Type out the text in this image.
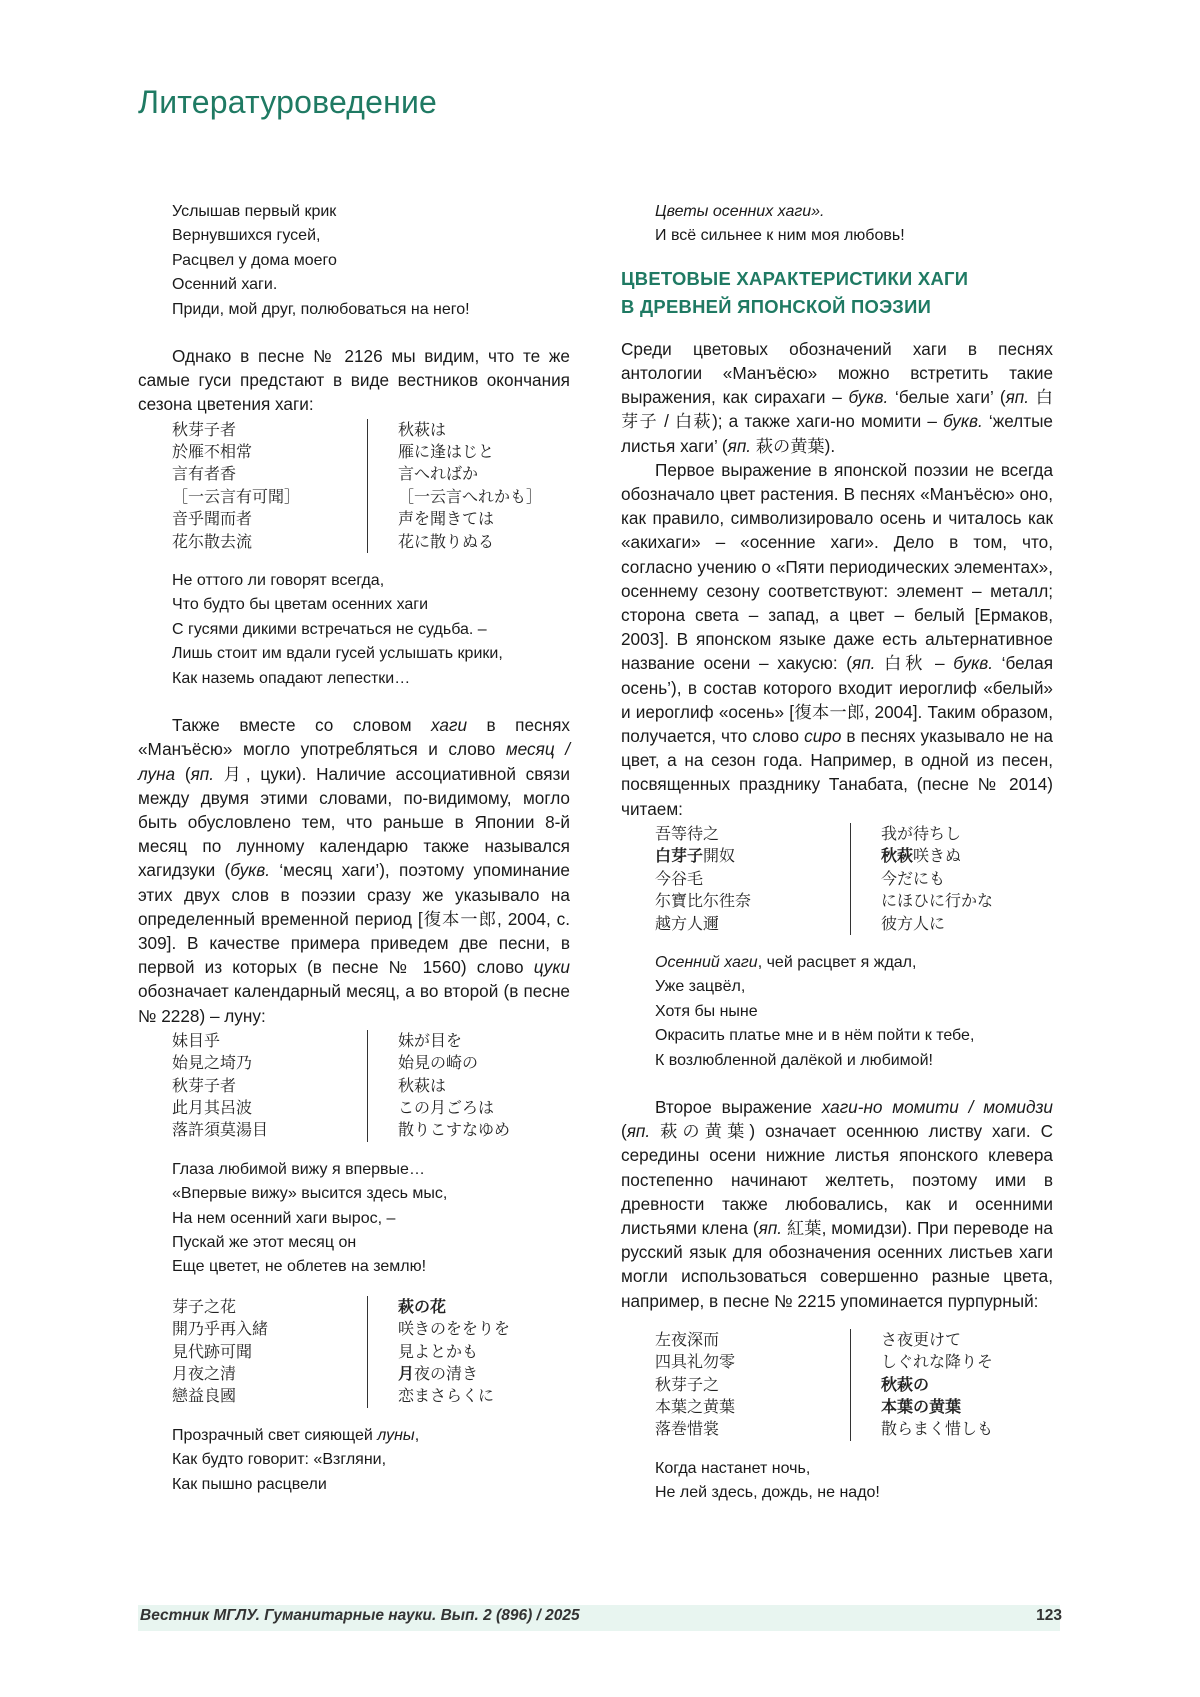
Литературоведение
Услышав первый крик
Вернувшихся гусей,
Расцвел у дома моего
Осенний хаги.
Приди, мой друг, полюбоваться на него!

Однако в песне № 2126 мы видим, что те же самые гуси предстают в виде вестников окончания сезона цветения хаги:

秋芽子者
於雁不相常
言有者香
［一云言有可聞］
音乎聞而者
花尓散去流
秋萩は
雁に逢はじと
言へればか
［一云言へれかも］
声を聞きては
花に散りぬる
Не оттого ли говорят всегда,
Что будто бы цветам осенних хаги
С гусями дикими встречаться не судьба. –
Лишь стоит им вдали гусей услышать крики,
Как наземь опадают лепестки…

Также вместе со словом хаги в песнях «Манъёсю» могло употребляться и слово месяц / луна (яп. 月, цуки). Наличие ассоциативной связи между двумя этими словами, по-видимому, могло быть обусловлено тем, что раньше в Японии 8-й месяц по лунному календарю также назывался хагидзуки (букв. ‘месяц хаги’), поэтому упоминание этих двух слов в поэзии сразу же указывало на определенный временной период [復本一郎, 2004, с. 309]. В качестве примера приведем две песни, в первой из которых (в песне № 1560) слово цуки обозначает календарный месяц, а во второй (в песне № 2228) – луну:

妹目乎
始見之埼乃
秋芽子者
此月其呂波
落許須莫湯目
妹が目を
始見の崎の
秋萩は
この月ごろは
散りこすなゆめ
Глаза любимой вижу я впервые…
«Впервые вижу» высится здесь мыс,
На нем осенний хаги вырос, –
Пускай же этот месяц он
Еще цветет, не облетев на землю!
芽子之花
開乃乎再入緒
見代跡可聞
月夜之清
戀益良國
萩の花
咲きのををりを
見よとかも
月夜の清き
恋まさらくに
Прозрачный свет сияющей луны,
Как будто говорит: «Взгляни,
Как пышно расцвели
Цветы осенних хаги».
И всё сильнее к ним моя любовь!
ЦВЕТОВЫЕ ХАРАКТЕРИСТИКИ ХАГИ
В ДРЕВНЕЙ ЯПОНСКОЙ ПОЭЗИИ

Среди цветовых обозначений хаги в песнях антологии «Манъёсю» можно встретить такие выражения, как сирахаги – букв. ‘белые хаги’ (яп. 白芽子 / 白萩); а также хаги-но момити – букв. ‘желтые листья хаги’ (яп. 萩の黄葉).

Первое выражение в японской поэзии не всегда обозначало цвет растения. В песнях «Манъёсю» оно, как правило, символизировало осень и читалось как «акихаги» – «осенние хаги». Дело в том, что, согласно учению о «Пяти периодических элементах», осеннему сезону соответствуют: элемент – металл; сторона света – запад, а цвет – белый [Ермаков, 2003]. В японском языке даже есть альтернативное название осени – хакусю: (яп. 白秋 – букв. ‘белая осень’), в состав которого входит иероглиф «белый» и иероглиф «осень» [復本一郎, 2004]. Таким образом, получается, что слово сиро в песнях указывало не на цвет, а на сезон года. Например, в одной из песен, посвященных празднику Танабата, (песне № 2014) читаем:

吾等待之
白芽子開奴
今谷毛
尓寶比尓徃奈
越方人邇
我が待ちし
秋萩咲きぬ
今だにも
にほひに行かな
彼方人に
Осенний хаги, чей расцвет я ждал,
Уже зацвёл,
Хотя бы ныне
Окрасить платье мне и в нём пойти к тебе,
К возлюбленной далёкой и любимой!

Второе выражение хаги-но момити / момидзи (яп. 萩の黄葉) означает осеннюю листву хаги. С середины осени нижние листья японского клевера постепенно начинают желтеть, поэтому ими в древности также любовались, как и осенними листьями клена (яп. 紅葉, момидзи). При переводе на русский язык для обозначения осенних листьев хаги могли использоваться совершенно разные цвета, например, в песне № 2215 упоминается пурпурный:

左夜深而
四具礼勿零
秋芽子之
本葉之黄葉
落巻惜裳
さ夜更けて
しぐれな降りそ
秋萩の
本葉の黄葉
散らまく惜しも
Когда настанет ночь,
Не лей здесь, дождь, не надо!
Вестник МГЛУ. Гуманитарные науки. Вып. 2 (896) / 2025	123
